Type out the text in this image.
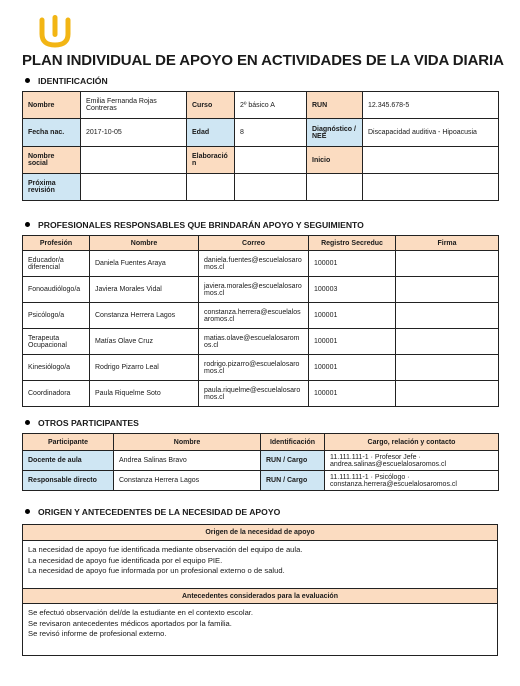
PLAN INDIVIDUAL DE APOYO EN ACTIVIDADES DE LA VIDA DIARIA
IDENTIFICACIÓN
Nombre	Emilia Fernanda Rojas Contreras	Curso	2º básico A	RUN	12.345.678-5
Fecha nac.	2017-10-05	Edad	8	Diagnóstico / NEE	Discapacidad auditiva - Hipoacusia
Nombre social		Elaboración		Inicio	
Próxima revisión					
PROFESIONALES RESPONSABLES QUE BRINDARÁN APOYO Y SEGUIMIENTO
Profesión	Nombre	Correo	Registro Secreduc	Firma
Educador/a diferencial	Daniela Fuentes Araya	daniela.fuentes@escuelalosaromos.cl	100001	
Fonoaudiólogo/a	Javiera Morales Vidal	javiera.morales@escuelalosaromos.cl	100003	
Psicólogo/a	Constanza Herrera Lagos	constanza.herrera@escuelalosaromos.cl	100001	
Terapeuta Ocupacional	Matías Olave Cruz	matias.olave@escuelalosaromos.cl	100001	
Kinesiólogo/a	Rodrigo Pizarro Leal	rodrigo.pizarro@escuelalosaromos.cl	100001	
Coordinadora	Paula Riquelme Soto	paula.riquelme@escuelalosaromos.cl	100001	
OTROS PARTICIPANTES
Participante	Nombre	Identificación	Cargo, relación y contacto
Docente de aula	Andrea Salinas Bravo	RUN / Cargo	11.111.111-1 · Profesor Jefe · andrea.salinas@escuelalosaromos.cl
Responsable directo	Constanza Herrera Lagos	RUN / Cargo	11.111.111-1 · Psicólogo · constanza.herrera@escuelalosaromos.cl
ORIGEN Y ANTECEDENTES DE LA NECESIDAD DE APOYO
Origen de la necesidad de apoyo

La necesidad de apoyo fue identificada mediante observación del equipo de aula.
La necesidad de apoyo fue identificada por el equipo PIE.
La necesidad de apoyo fue informada por un profesional externo o de salud.

Antecedentes considerados para la evaluación

Se efectuó observación del/de la estudiante en el contexto escolar.
Se revisaron antecedentes médicos aportados por la familia.
Se revisó informe de profesional externo.
